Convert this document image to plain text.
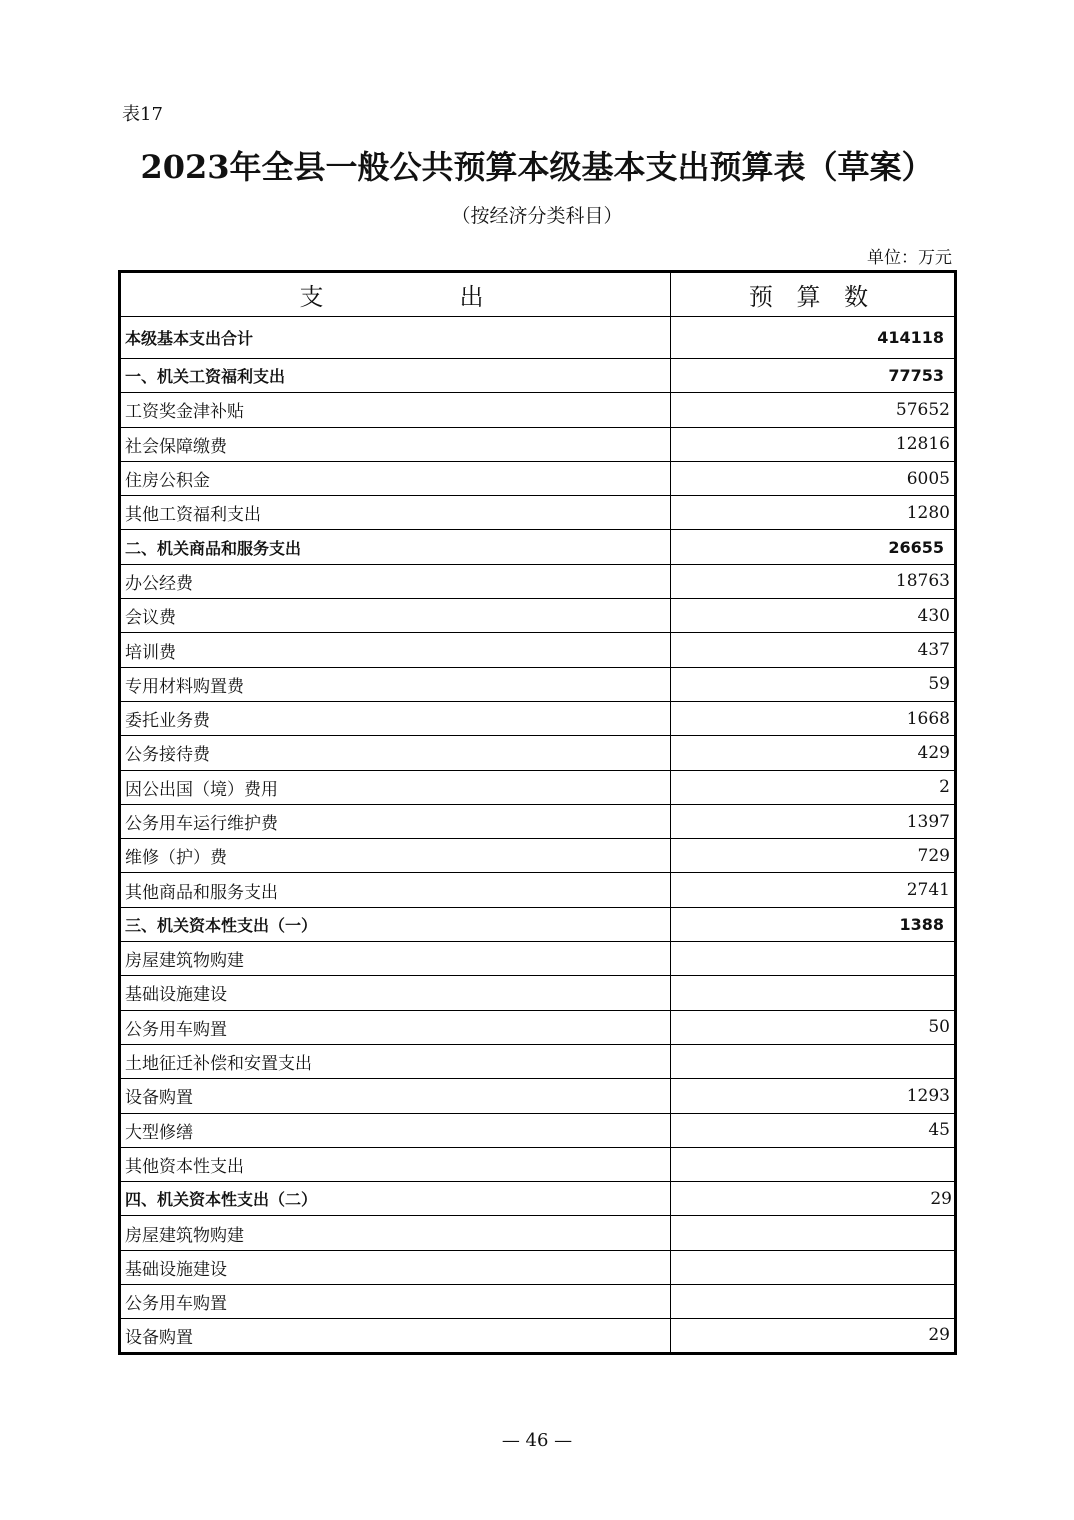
表17
2023年全县一般公共预算本级基本支出预算表（草案）
（按经济分类科目）
单位：万元
支　　　　出	预 算 数
本级基本支出合计	414118
一、机关工资福利支出	77753
工资奖金津补贴	57652
社会保障缴费	12816
住房公积金	6005
其他工资福利支出	1280
二、机关商品和服务支出	26655
办公经费	18763
会议费	430
培训费	437
专用材料购置费	59
委托业务费	1668
公务接待费	429
因公出国（境）费用	2
公务用车运行维护费	1397
维修（护）费	729
其他商品和服务支出	2741
三、机关资本性支出（一）	1388
房屋建筑物购建	
基础设施建设	
公务用车购置	50
土地征迁补偿和安置支出	
设备购置	1293
大型修缮	45
其他资本性支出	
四、机关资本性支出（二）	29
房屋建筑物购建	
基础设施建设	
公务用车购置	
设备购置	29
— 46 —
